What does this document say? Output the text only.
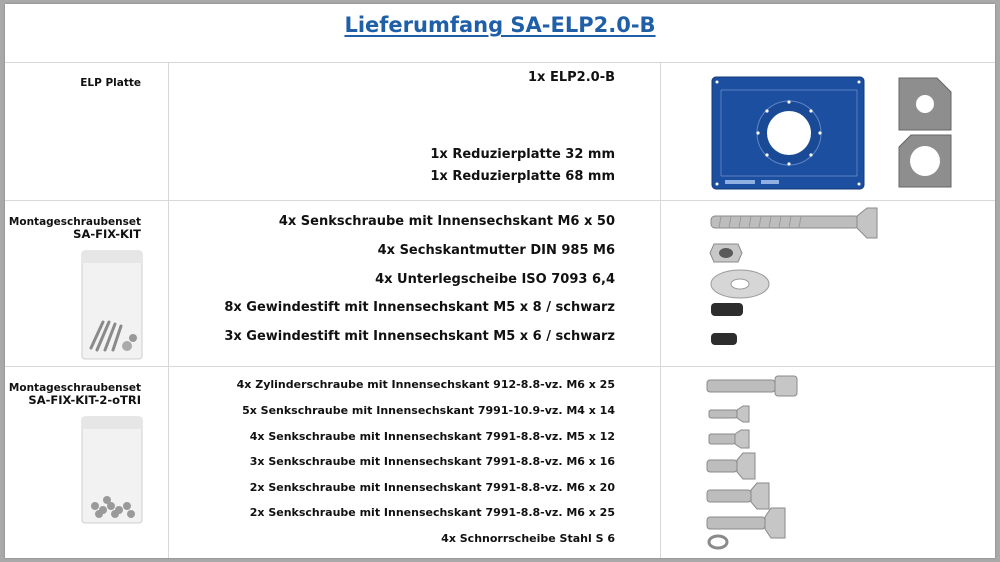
Lieferumfang SA-ELP2.0-B
ELP Platte	1x ELP2.0-B
1x Reduzierplatte 32 mm
1x Reduzierplatte 68 mm
Montageschraubenset
SA-FIX-KIT
4x Senkschraube mit Innensechskant M6 x 50
4x Sechskantmutter DIN 985 M6
4x Unterlegscheibe ISO 7093 6,4
8x Gewindestift mit Innensechskant M5 x 8 / schwarz
3x Gewindestift mit Innensechskant M5 x 6 / schwarz
Montageschraubenset
SA-FIX-KIT-2-oTRI
4x Zylinderschraube mit Innensechskant 912-8.8-vz. M6 x 25
5x Senkschraube mit Innensechskant 7991-10.9-vz. M4 x 14
4x Senkschraube mit Innensechskant 7991-8.8-vz. M5 x 12
3x Senkschraube mit Innensechskant 7991-8.8-vz. M6 x 16
2x Senkschraube mit Innensechskant 7991-8.8-vz. M6 x 20
2x Senkschraube mit Innensechskant 7991-8.8-vz. M6 x 25
4x Schnorrscheibe Stahl S 6
